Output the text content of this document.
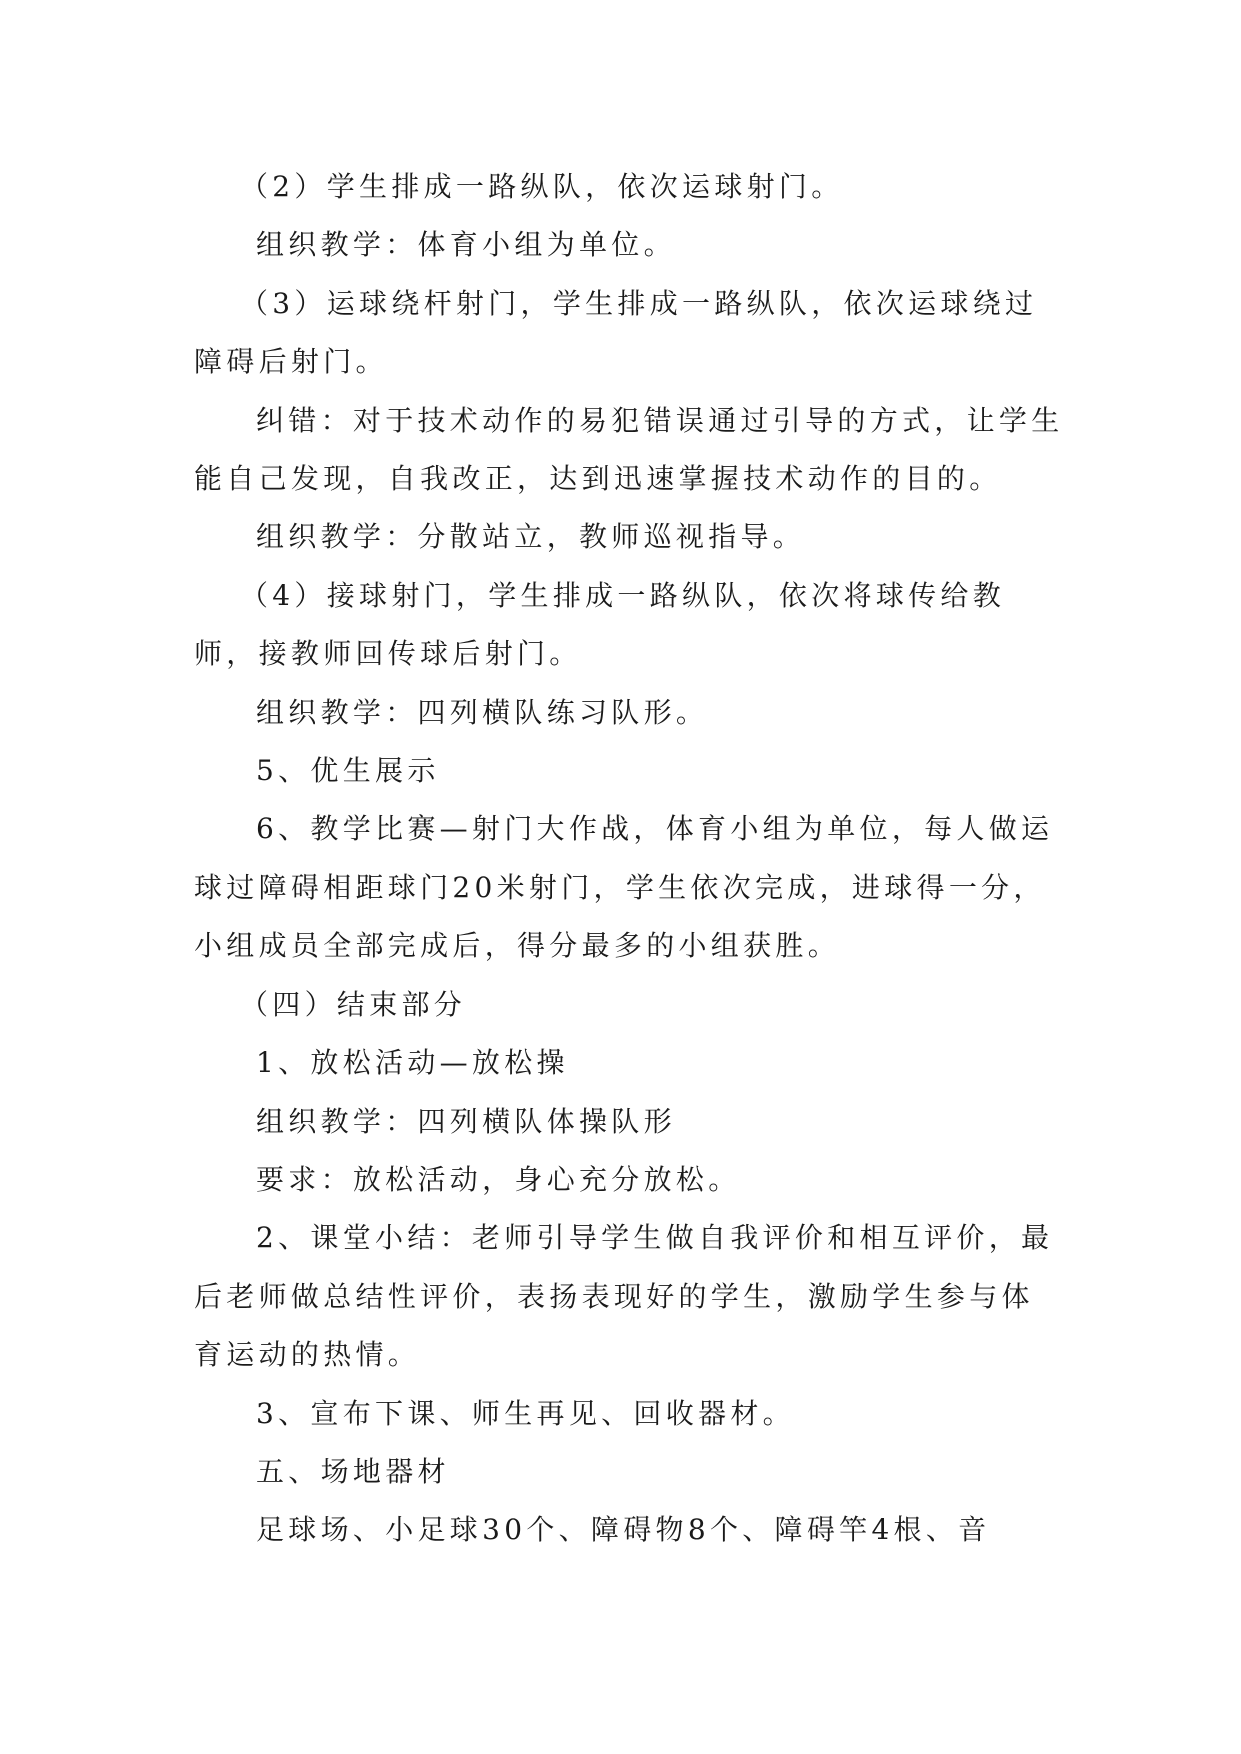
（2）学生排成一路纵队，依次运球射门。

组织教学：体育小组为单位。

（3）运球绕杆射门，学生排成一路纵队，依次运球绕过障碍后射门。

纠错：对于技术动作的易犯错误通过引导的方式，让学生能自己发现，自我改正，达到迅速掌握技术动作的目的。

组织教学：分散站立，教师巡视指导。

（4）接球射门，学生排成一路纵队，依次将球传给教师，接教师回传球后射门。

组织教学：四列横队练习队形。

5、优生展示

6、教学比赛—射门大作战，体育小组为单位，每人做运球过障碍相距球门20米射门，学生依次完成，进球得一分，小组成员全部完成后，得分最多的小组获胜。

（四）结束部分

1、放松活动—放松操

组织教学：四列横队体操队形

要求：放松活动，身心充分放松。

2、课堂小结：老师引导学生做自我评价和相互评价，最后老师做总结性评价，表扬表现好的学生，激励学生参与体育运动的热情。

3、宣布下课、师生再见、回收器材。

五、场地器材

足球场、小足球30个、障碍物8个、障碍竿4根、音
